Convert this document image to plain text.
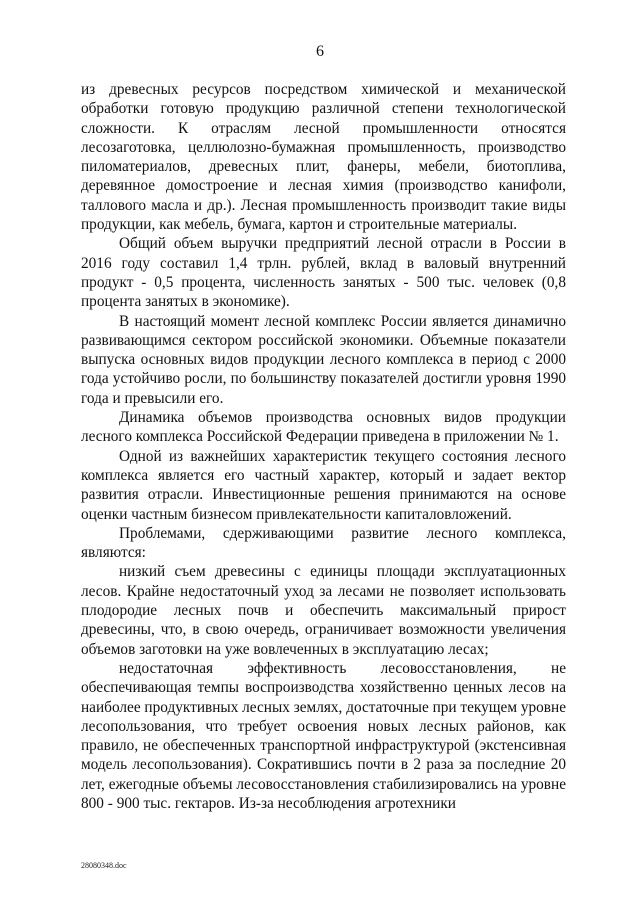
6

из древесных ресурсов посредством химической и механической обработки готовую продукцию различной степени технологической сложности. К отраслям лесной промышленности относятся лесозаготовка, целлюлозно-бумажная промышленность, производство пиломатериалов, древесных плит, фанеры, мебели, биотоплива, деревянное домостроение и лесная химия (производство канифоли, таллового масла и др.). Лесная промышленность производит такие виды продукции, как мебель, бумага, картон и строительные материалы.

Общий объем выручки предприятий лесной отрасли в России в 2016 году составил 1,4 трлн. рублей, вклад в валовый внутренний продукт - 0,5 процента, численность занятых - 500 тыс. человек (0,8 процента занятых в экономике).

В настоящий момент лесной комплекс России является динамично развивающимся сектором российской экономики. Объемные показатели выпуска основных видов продукции лесного комплекса в период с 2000 года устойчиво росли, по большинству показателей достигли уровня 1990 года и превысили его.

Динамика объемов производства основных видов продукции лесного комплекса Российской Федерации приведена в приложении № 1.

Одной из важнейших характеристик текущего состояния лесного комплекса является его частный характер, который и задает вектор развития отрасли. Инвестиционные решения принимаются на основе оценки частным бизнесом привлекательности капиталовложений.

Проблемами, сдерживающими развитие лесного комплекса, являются:

низкий съем древесины с единицы площади эксплуатационных лесов. Крайне недостаточный уход за лесами не позволяет использовать плодородие лесных почв и обеспечить максимальный прирост древесины, что, в свою очередь, ограничивает возможности увеличения объемов заготовки на уже вовлеченных в эксплуатацию лесах;

недостаточная эффективность лесовосстановления, не обеспечивающая темпы воспроизводства хозяйственно ценных лесов на наиболее продуктивных лесных землях, достаточные при текущем уровне лесопользования, что требует освоения новых лесных районов, как правило, не обеспеченных транспортной инфраструктурой (экстенсивная модель лесопользования). Сократившись почти в 2 раза за последние 20 лет, ежегодные объемы лесовосстановления стабилизировались на уровне 800 - 900 тыс. гектаров. Из-за несоблюдения агротехники

28080348.doc
